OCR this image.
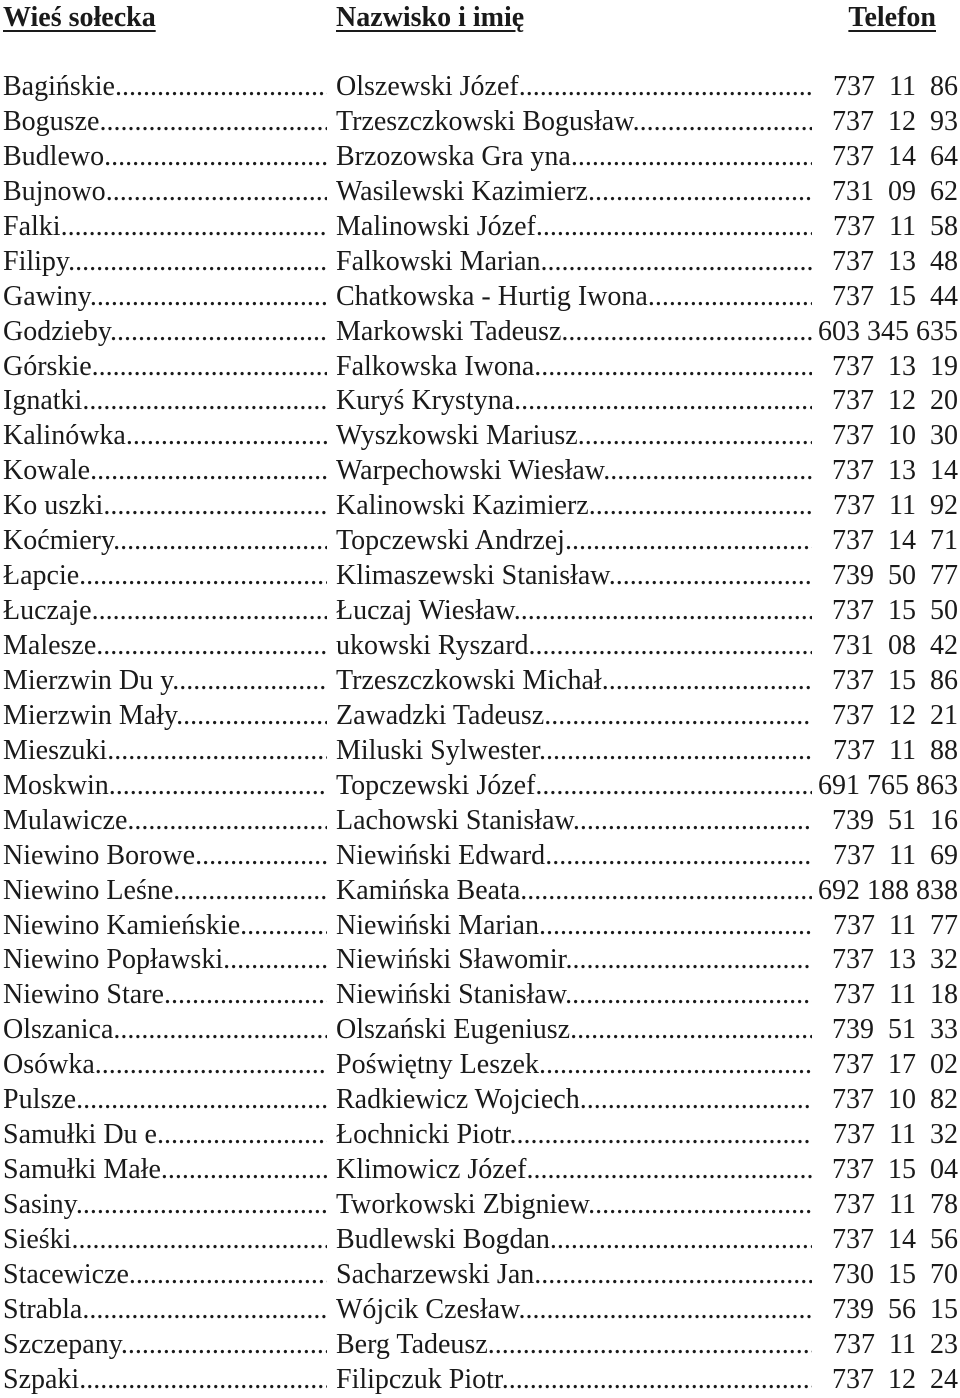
Wieś sołecka	Nazwisko i imię	Telefon
Bagińskie .....	Olszewski Józef .....	737  11  86
Bogusze .....	Trzeszczkowski Bogusław .....	737  12  93
Budlewo .....	Brzozowska Gra yna .....	737  14  64
Bujnowo .....	Wasilewski Kazimierz .....	731  09  62
Falki .....	Malinowski Józef .....	737  11  58
Filipy .....	Falkowski Marian .....	737  13  48
Gawiny .....	Chatkowska - Hurtig Iwona .....	737  15  44
Godzieby .....	Markowski Tadeusz .....	603 345 635
Górskie .....	Falkowska Iwona .....	737  13  19
Ignatki .....	Kuryś Krystyna .....	737  12  20
Kalinówka .....	Wyszkowski Mariusz .....	737  10  30
Kowale .....	Warpechowski Wiesław .....	737  13  14
Ko uszki .....	Kalinowski Kazimierz .....	737  11  92
Koćmiery .....	Topczewski Andrzej .....	737  14  71
Łapcie .....	Klimaszewski Stanisław .....	739  50  77
Łuczaje .....	Łuczaj Wiesław .....	737  15  50
Malesze .....	ukowski Ryszard .....	731  08  42
Mierzwin Du y .....	Trzeszczkowski Michał .....	737  15  86
Mierzwin Mały .....	Zawadzki Tadeusz .....	737  12  21
Mieszuki .....	Miluski Sylwester .....	737  11  88
Moskwin .....	Topczewski Józef .....	691 765 863
Mulawicze .....	Lachowski Stanisław .....	739  51  16
Niewino Borowe .....	Niewiński Edward .....	737  11  69
Niewino Leśne .....	Kamińska Beata .....	692 188 838
Niewino Kamieńskie .....	Niewiński Marian .....	737  11  77
Niewino Popławski .....	Niewiński Sławomir .....	737  13  32
Niewino Stare .....	Niewiński Stanisław .....	737  11  18
Olszanica .....	Olszański Eugeniusz .....	739  51  33
Osówka .....	Poświętny Leszek .....	737  17  02
Pulsze .....	Radkiewicz Wojciech .....	737  10  82
Samułki Du e .....	Łochnicki Piotr .....	737  11  32
Samułki Małe .....	Klimowicz Józef .....	737  15  04
Sasiny .....	Tworkowski Zbigniew .....	737  11  78
Sieśki .....	Budlewski Bogdan .....	737  14  56
Stacewicze .....	Sacharzewski Jan .....	730  15  70
Strabla .....	Wójcik Czesław .....	739  56  15
Szczepany .....	Berg Tadeusz .....	737  11  23
Szpaki .....	Filipczuk Piotr .....	737  12  24
